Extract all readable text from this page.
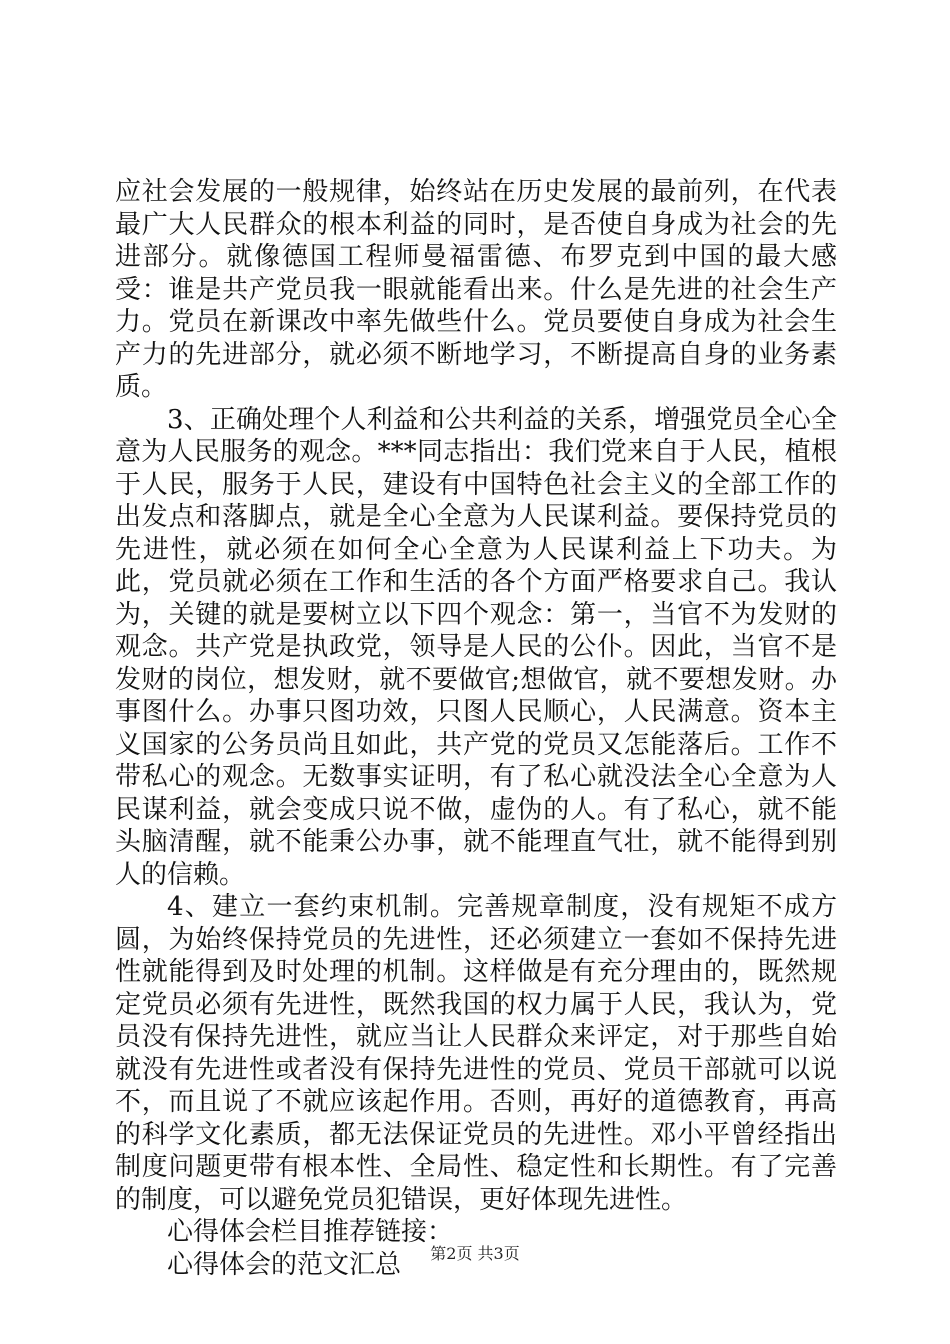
应社会发展的一般规律，始终站在历史发展的最前列，在代表最广大人民群众的根本利益的同时，是否使自身成为社会的先进部分。就像德国工程师曼福雷德、布罗克到中国的最大感受：谁是共产党员我一眼就能看出来。什么是先进的社会生产力。党员在新课改中率先做些什么。党员要使自身成为社会生产力的先进部分，就必须不断地学习，不断提高自身的业务素质。

3、正确处理个人利益和公共利益的关系，增强党员全心全意为人民服务的观念。***同志指出：我们党来自于人民，植根于人民，服务于人民，建设有中国特色社会主义的全部工作的出发点和落脚点，就是全心全意为人民谋利益。要保持党员的先进性，就必须在如何全心全意为人民谋利益上下功夫。为此，党员就必须在工作和生活的各个方面严格要求自己。我认为，关键的就是要树立以下四个观念：第一，当官不为发财的观念。共产党是执政党，领导是人民的公仆。因此，当官不是发财的岗位，想发财，就不要做官;想做官，就不要想发财。办事图什么。办事只图功效，只图人民顺心，人民满意。资本主义国家的公务员尚且如此，共产党的党员又怎能落后。工作不带私心的观念。无数事实证明，有了私心就没法全心全意为人民谋利益，就会变成只说不做，虚伪的人。有了私心，就不能头脑清醒，就不能秉公办事，就不能理直气壮，就不能得到别人的信赖。

4、建立一套约束机制。完善规章制度，没有规矩不成方圆，为始终保持党员的先进性，还必须建立一套如不保持先进性就能得到及时处理的机制。这样做是有充分理由的，既然规定党员必须有先进性，既然我国的权力属于人民，我认为，党员没有保持先进性，就应当让人民群众来评定，对于那些自始就没有先进性或者没有保持先进性的党员、党员干部就可以说不，而且说了不就应该起作用。否则，再好的道德教育，再高的科学文化素质，都无法保证党员的先进性。邓小平曾经指出制度问题更带有根本性、全局性、稳定性和长期性。有了完善的制度，可以避免党员犯错误，更好体现先进性。

心得体会栏目推荐链接：

心得体会的范文汇总	第2页 共3页
